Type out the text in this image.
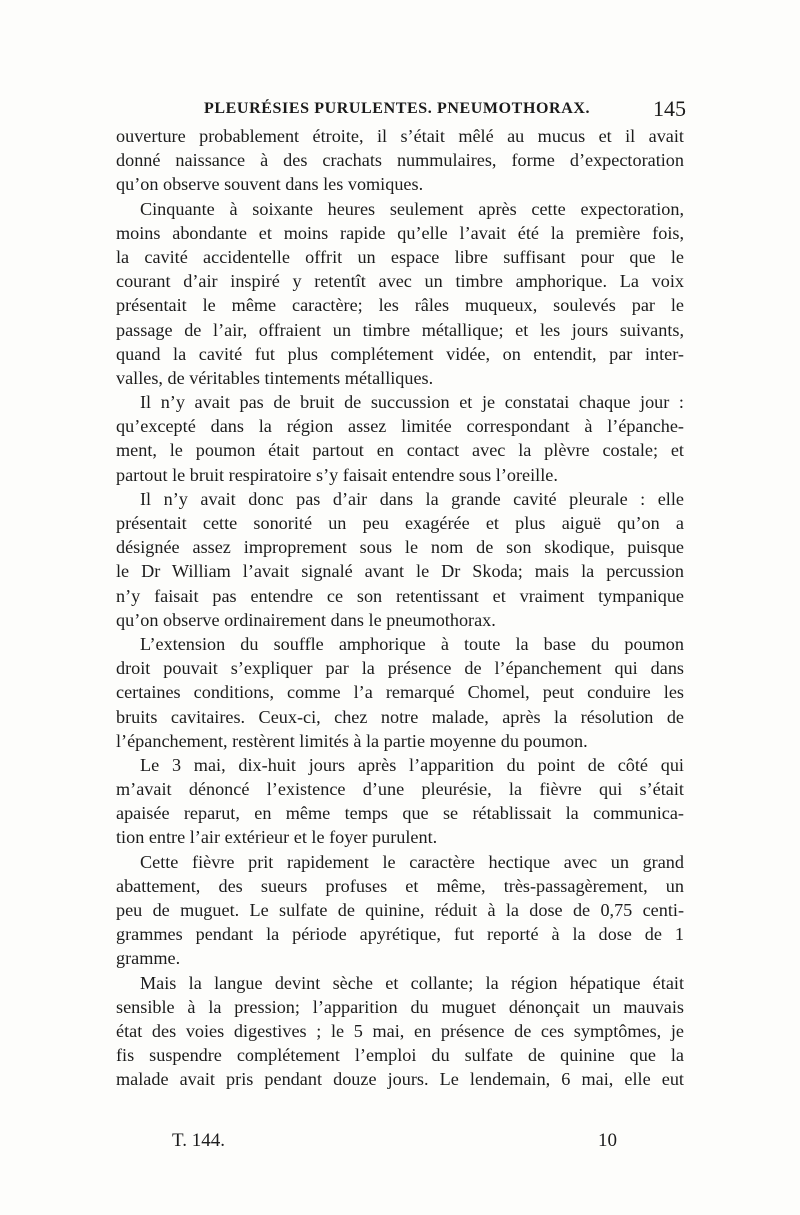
PLEURÉSIES PURULENTES. PNEUMOTHORAX.	145

ouverture probablement étroite, il s’était mêlé au mucus et il avait

donné naissance à des crachats nummulaires, forme d’expectoration

qu’on observe souvent dans les vomiques.

Cinquante à soixante heures seulement après cette expectoration,

moins abondante et moins rapide qu’elle l’avait été la première fois,

la cavité accidentelle offrit un espace libre suffisant pour que le

courant d’air inspiré y retentît avec un timbre amphorique. La voix

présentait le même caractère; les râles muqueux, soulevés par le

passage de l’air, offraient un timbre métallique; et les jours suivants,

quand la cavité fut plus complétement vidée, on entendit, par inter-

valles, de véritables tintements métalliques.

Il n’y avait pas de bruit de succussion et je constatai chaque jour :

qu’excepté dans la région assez limitée correspondant à l’épanche-

ment, le poumon était partout en contact avec la plèvre costale; et

partout le bruit respiratoire s’y faisait entendre sous l’oreille.

Il n’y avait donc pas d’air dans la grande cavité pleurale : elle

présentait cette sonorité un peu exagérée et plus aiguë qu’on a

désignée assez improprement sous le nom de son skodique, puisque

le Dr William l’avait signalé avant le Dr Skoda; mais la percussion

n’y faisait pas entendre ce son retentissant et vraiment tympanique

qu’on observe ordinairement dans le pneumothorax.

L’extension du souffle amphorique à toute la base du poumon

droit pouvait s’expliquer par la présence de l’épanchement qui dans

certaines conditions, comme l’a remarqué Chomel, peut conduire les

bruits cavitaires. Ceux-ci, chez notre malade, après la résolution de

l’épanchement, restèrent limités à la partie moyenne du poumon.

Le 3 mai, dix-huit jours après l’apparition du point de côté qui

m’avait dénoncé l’existence d’une pleurésie, la fièvre qui s’était

apaisée reparut, en même temps que se rétablissait la communica-

tion entre l’air extérieur et le foyer purulent.

Cette fièvre prit rapidement le caractère hectique avec un grand

abattement, des sueurs profuses et même, très-passagèrement, un

peu de muguet. Le sulfate de quinine, réduit à la dose de 0,75 centi-

grammes pendant la période apyrétique, fut reporté à la dose de 1

gramme.

Mais la langue devint sèche et collante; la région hépatique était

sensible à la pression; l’apparition du muguet dénonçait un mauvais

état des voies digestives ; le 5 mai, en présence de ces symptômes, je

fis suspendre complétement l’emploi du sulfate de quinine que la

malade avait pris pendant douze jours. Le lendemain, 6 mai, elle eut

T. 144.	10
